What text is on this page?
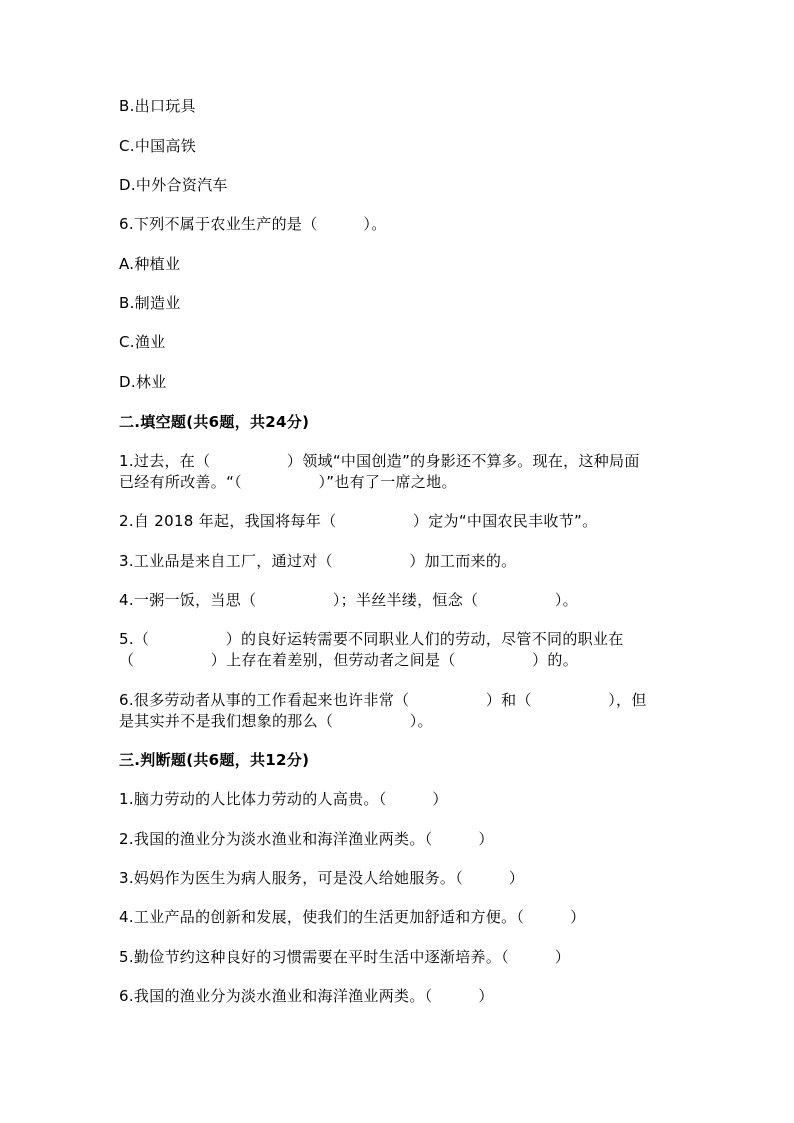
B.出口玩具
C.中国高铁
D.中外合资汽车
6.下列不属于农业生产的是（　　　）。
A.种植业
B.制造业
C.渔业
D.林业
二.填空题(共6题，共24分)
1.过去，在（　　　　　）领域“中国创造”的身影还不算多。现在，这种局面
已经有所改善。“（　　　　　）”也有了一席之地。
2.自 2018 年起，我国将每年（　　　　　）定为“中国农民丰收节”。
3.工业品是来自工厂，通过对（　　　　　）加工而来的。
4.一粥一饭，当思（　　　　　）；半丝半缕，恒念（　　　　　）。
5.（　　　　　）的良好运转需要不同职业人们的劳动，尽管不同的职业在
（　　　　　）上存在着差别，但劳动者之间是（　　　　　）的。
6.很多劳动者从事的工作看起来也许非常（　　　　　）和（　　　　　），但
是其实并不是我们想象的那么（　　　　　）。
三.判断题(共6题，共12分)
1.脑力劳动的人比体力劳动的人高贵。（　　　）
2.我国的渔业分为淡水渔业和海洋渔业两类。（　　　）
3.妈妈作为医生为病人服务，可是没人给她服务。（　　　）
4.工业产品的创新和发展，使我们的生活更加舒适和方便。（　　　）
5.勤俭节约这种良好的习惯需要在平时生活中逐渐培养。（　　　）
6.我国的渔业分为淡水渔业和海洋渔业两类。（　　　）
